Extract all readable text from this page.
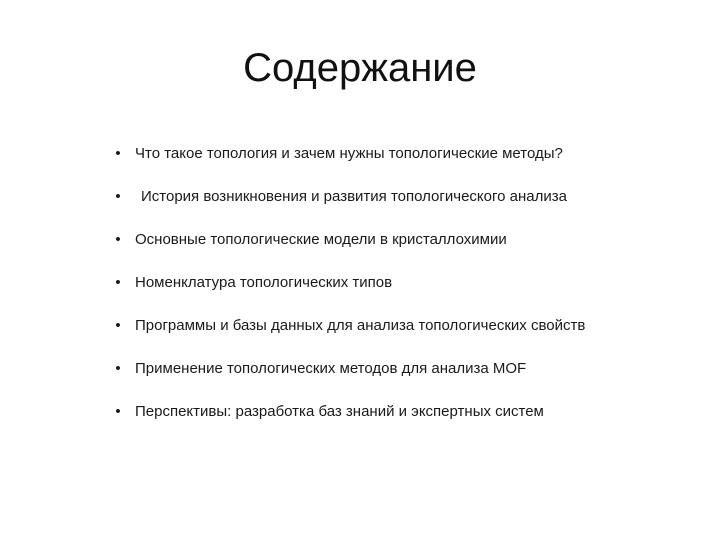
Содержание
• Что такое топология и зачем нужны топологические методы?
• История возникновения и развития топологического анализа
• Основные топологические модели в кристаллохимии
• Номенклатура топологических типов
• Программы и базы данных для анализа топологических свойств
• Применение топологических методов для анализа MOF
• Перспективы: разработка баз знаний и экспертных систем
